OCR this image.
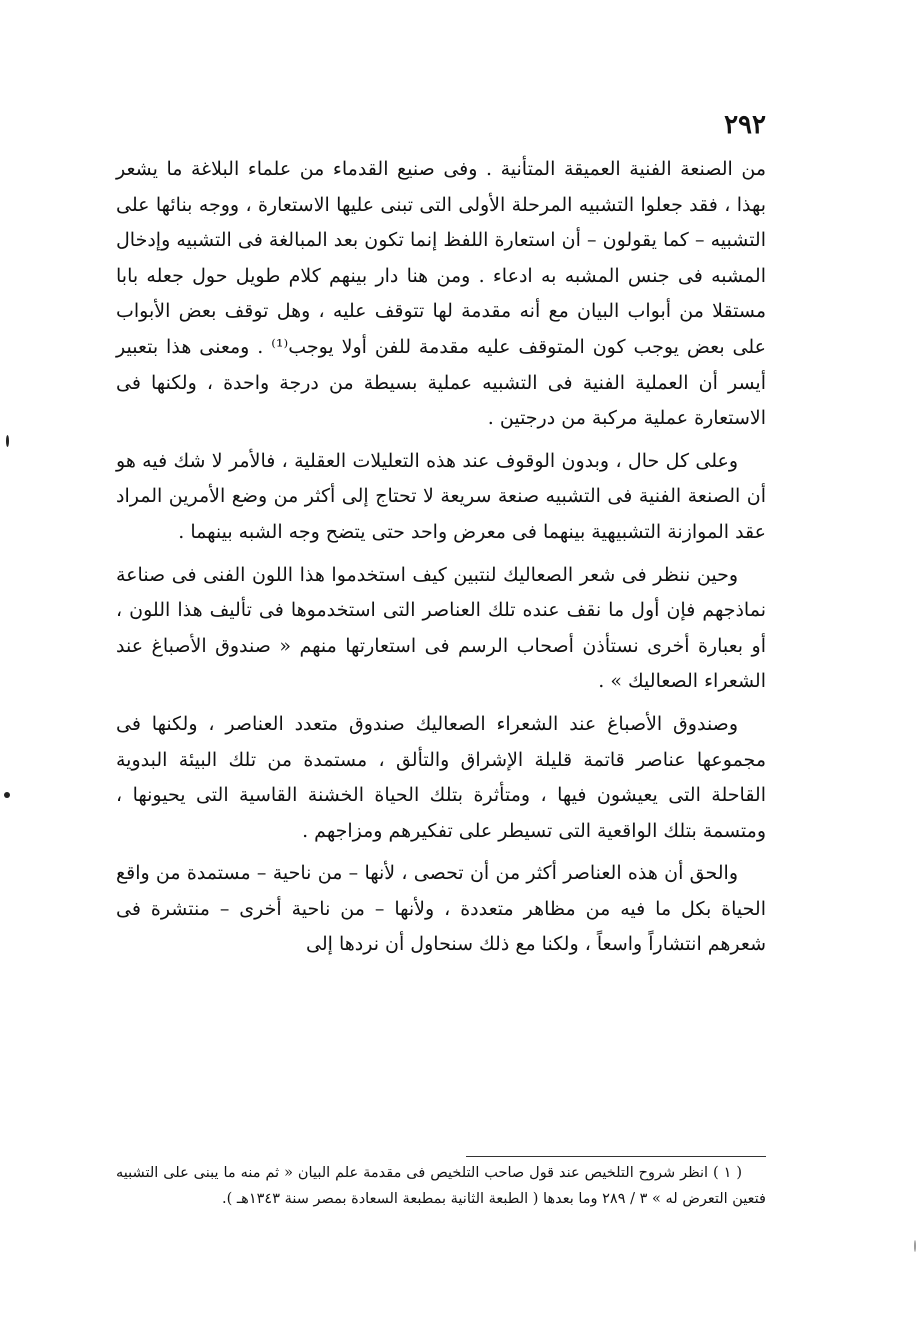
٢٩٢

من الصنعة الفنية العميقة المتأنية . وفى صنيع القدماء من علماء البلاغة ما يشعر بهذا ، فقد جعلوا التشبيه المرحلة الأولى التى تبنى عليها الاستعارة ، ووجه بنائها على التشبيه – كما يقولون – أن استعارة اللفظ إنما تكون بعد المبالغة فى التشبيه وإدخال المشبه فى جنس المشبه به ادعاء . ومن هنا دار بينهم كلام طويل حول جعله بابا مستقلا من أبواب البيان مع أنه مقدمة لها تتوقف عليه ، وهل توقف بعض الأبواب على بعض يوجب كون المتوقف عليه مقدمة للفن أولا يوجب⁽¹⁾ . ومعنى هذا بتعبير أيسر أن العملية الفنية فى التشبيه عملية بسيطة من درجة واحدة ، ولكنها فى الاستعارة عملية مركبة من درجتين .

وعلى كل حال ، وبدون الوقوف عند هذه التعليلات العقلية ، فالأمر لا شك فيه هو أن الصنعة الفنية فى التشبيه صنعة سريعة لا تحتاج إلى أكثر من وضع الأمرين المراد عقد الموازنة التشبيهية بينهما فى معرض واحد حتى يتضح وجه الشبه بينهما .

وحين ننظر فى شعر الصعاليك لنتبين كيف استخدموا هذا اللون الفنى فى صناعة نماذجهم فإن أول ما نقف عنده تلك العناصر التى استخدموها فى تأليف هذا اللون ، أو بعبارة أخرى نستأذن أصحاب الرسم فى استعارتها منهم « صندوق الأصباغ عند الشعراء الصعاليك » .

وصندوق الأصباغ عند الشعراء الصعاليك صندوق متعدد العناصر ، ولكنها فى مجموعها عناصر قاتمة قليلة الإشراق والتألق ، مستمدة من تلك البيئة البدوية القاحلة التى يعيشون فيها ، ومتأثرة بتلك الحياة الخشنة القاسية التى يحيونها ، ومتسمة بتلك الواقعية التى تسيطر على تفكيرهم ومزاجهم .

والحق أن هذه العناصر أكثر من أن تحصى ، لأنها – من ناحية – مستمدة من واقع الحياة بكل ما فيه من مظاهر متعددة ، ولأنها – من ناحية أخرى – منتشرة فى شعرهم انتشاراً واسعاً ، ولكنا مع ذلك سنحاول أن نردها إلى

( ١ ) انظر شروح التلخيص عند قول صاحب التلخيص فى مقدمة علم البيان « ثم منه ما يبنى على التشبيه فتعين التعرض له » ٣ / ٢٨٩ وما بعدها ( الطبعة الثانية بمطبعة السعادة بمصر سنة ١٣٤٣هـ ).
